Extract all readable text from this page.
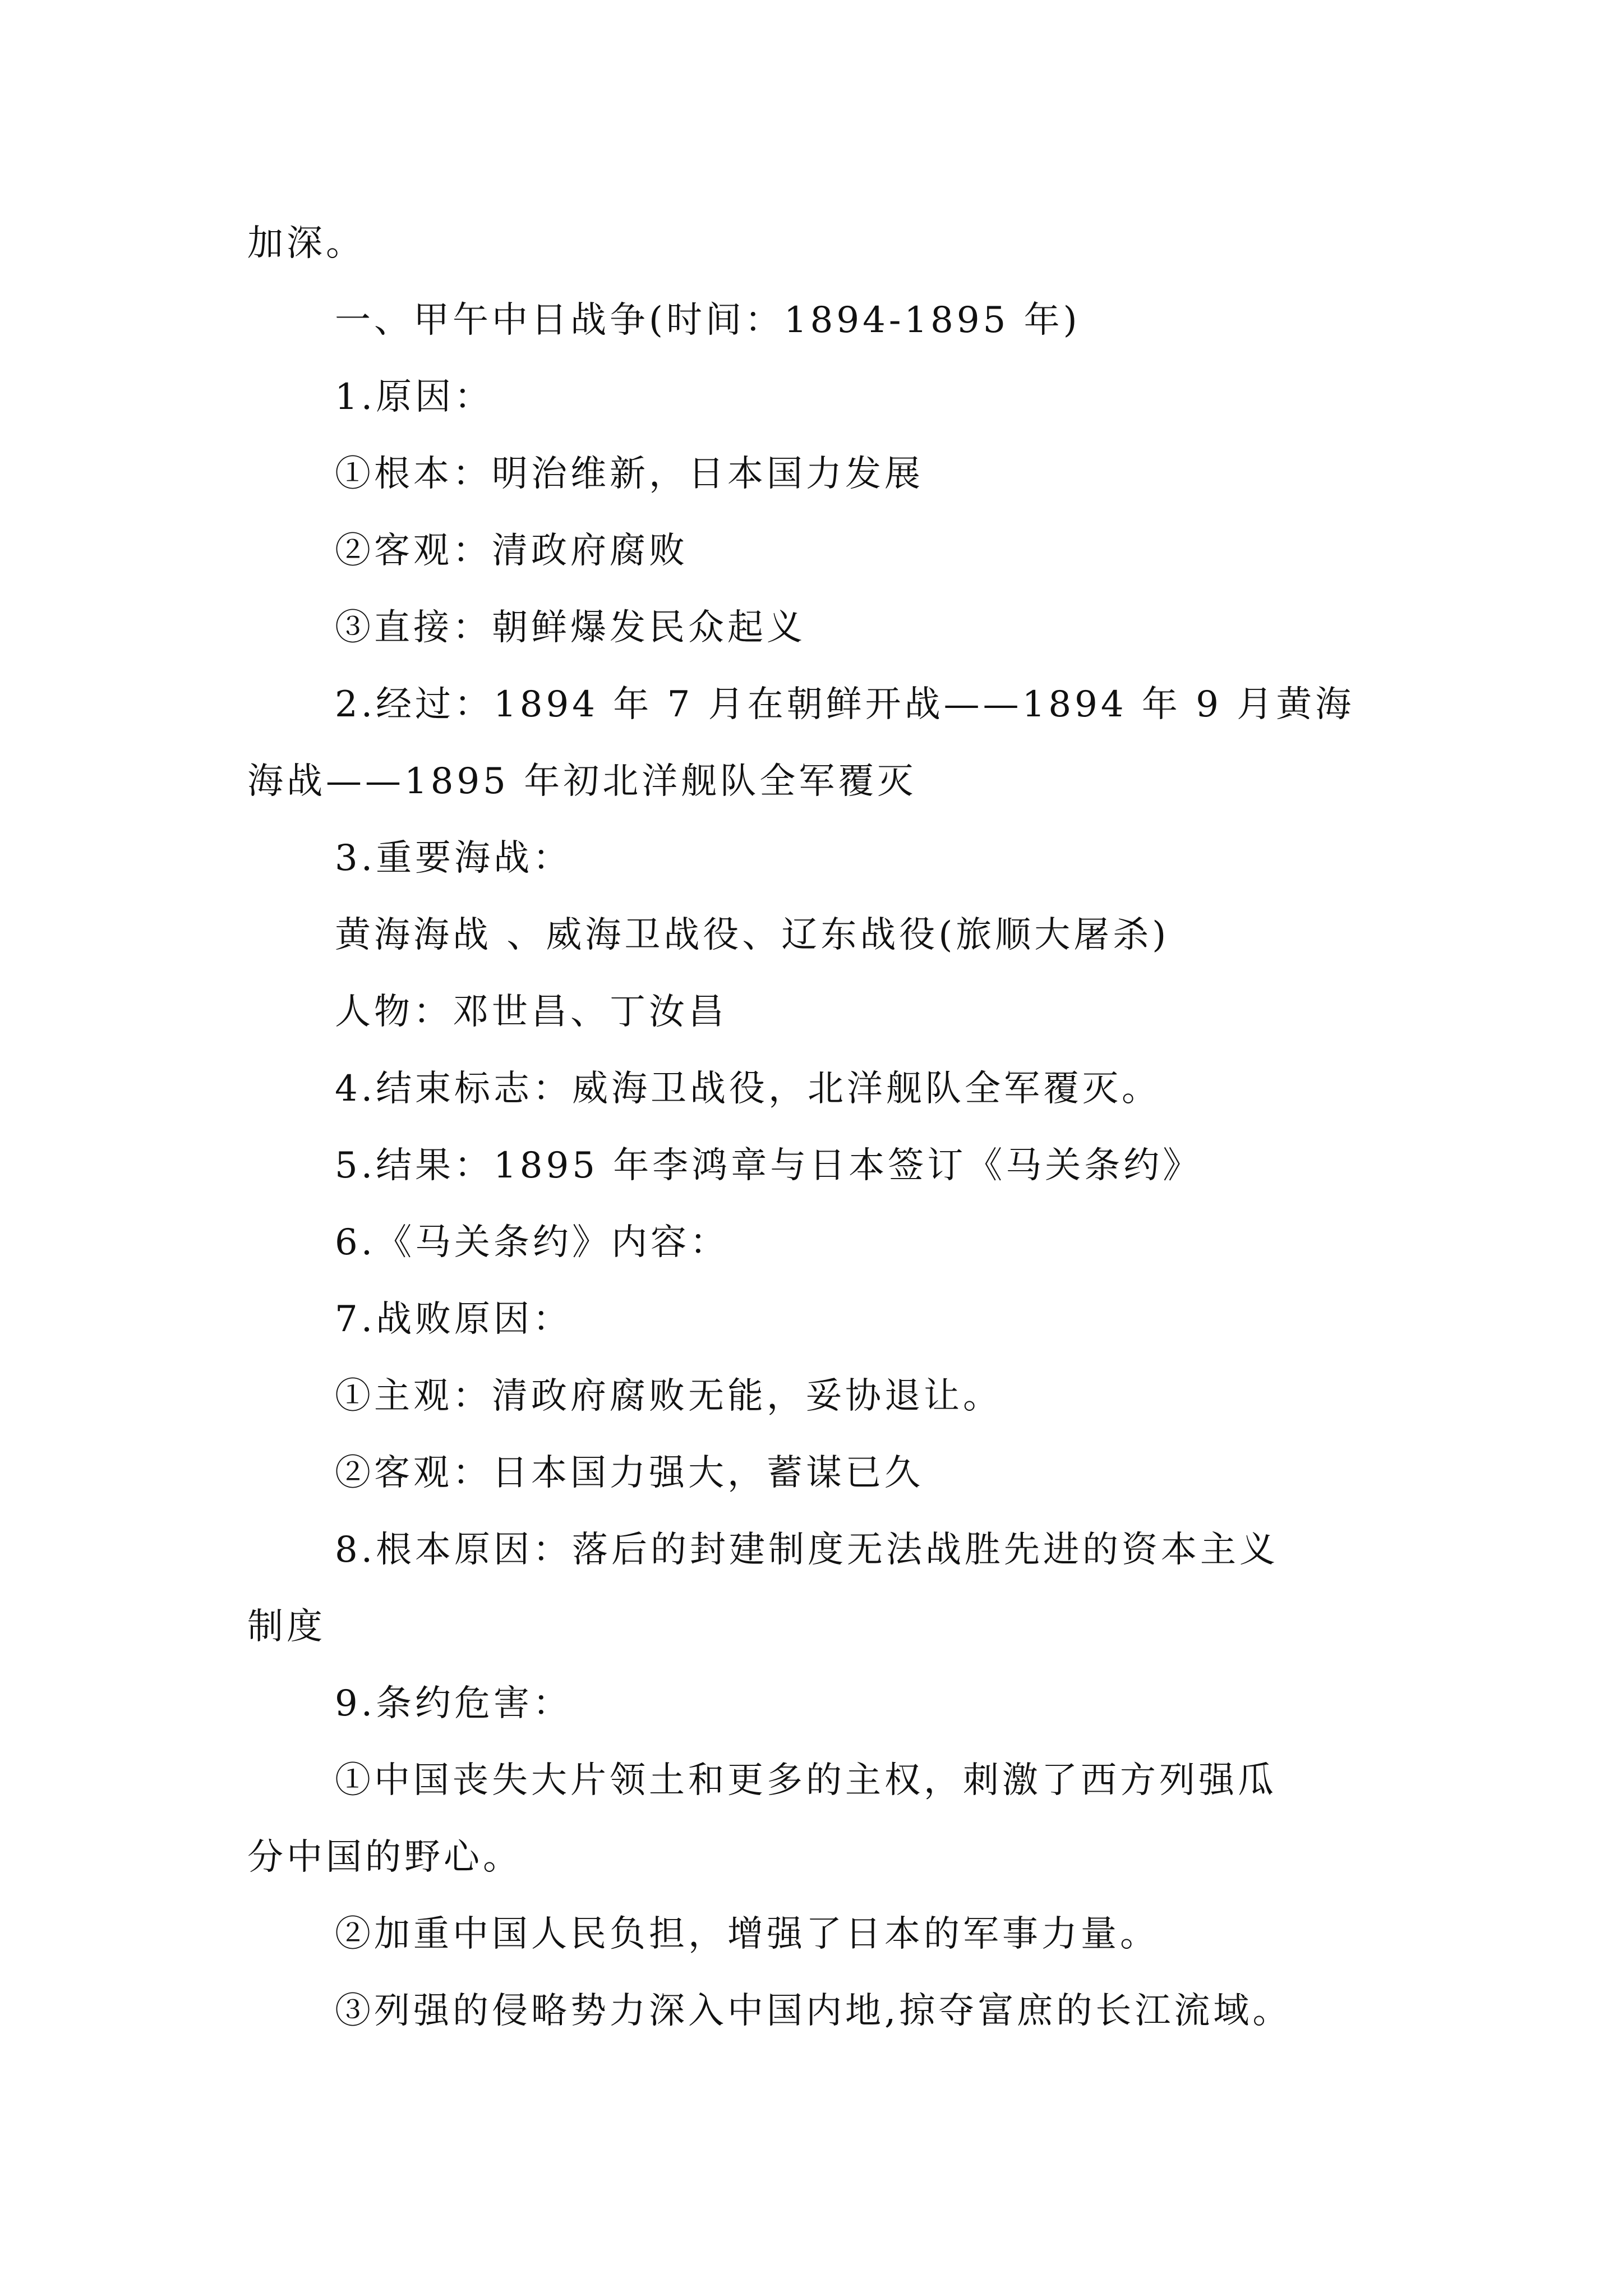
加深。

一、甲午中日战争(时间：1894-1895 年)

1.原因：

①根本：明治维新，日本国力发展

②客观：清政府腐败

③直接：朝鲜爆发民众起义

2.经过：1894 年 7 月在朝鲜开战——1894 年 9 月黄海

海战——1895 年初北洋舰队全军覆灭

3.重要海战：

黄海海战 、威海卫战役、辽东战役(旅顺大屠杀)

人物：邓世昌、丁汝昌

4.结束标志：威海卫战役，北洋舰队全军覆灭。

5.结果：1895 年李鸿章与日本签订《马关条约》

6.《马关条约》内容：

7.战败原因：

①主观：清政府腐败无能，妥协退让。

②客观：日本国力强大，蓄谋已久

8.根本原因：落后的封建制度无法战胜先进的资本主义

制度

9.条约危害：

①中国丧失大片领土和更多的主权，刺激了西方列强瓜

分中国的野心。

②加重中国人民负担，增强了日本的军事力量。

③列强的侵略势力深入中国内地,掠夺富庶的长江流域。
